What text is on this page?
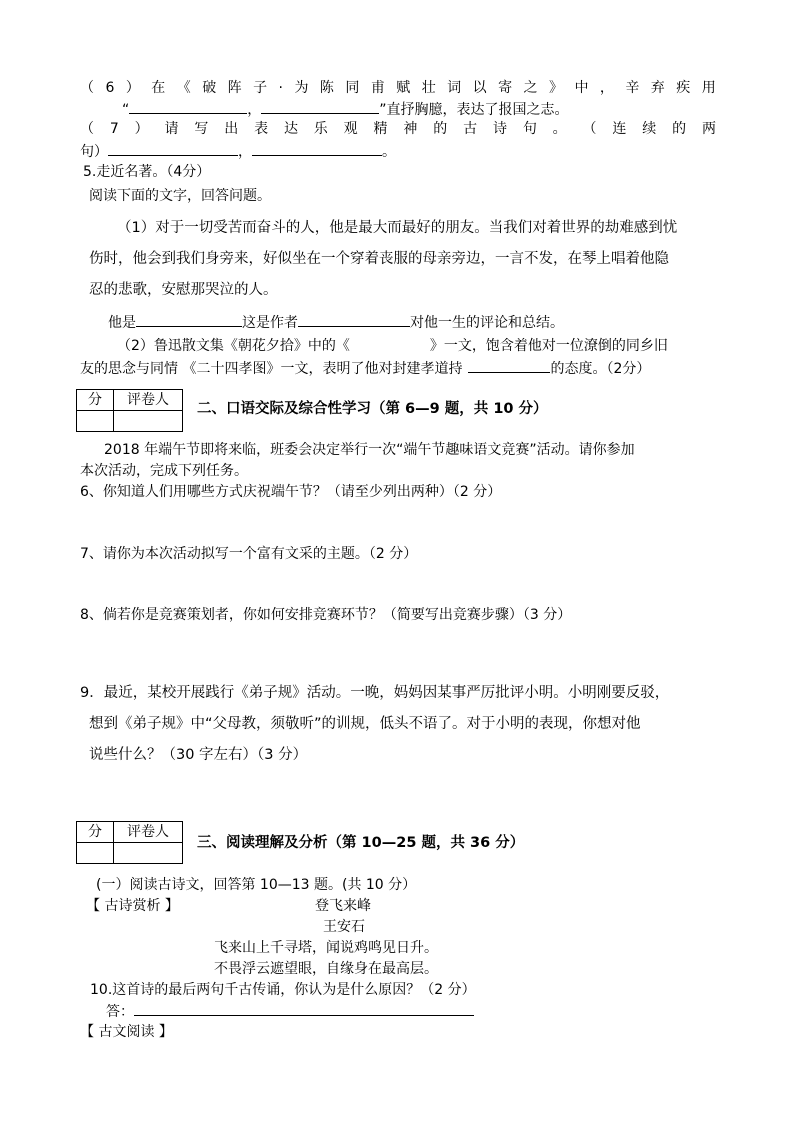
（ 6 ） 在 《 破 阵 子 · 为 陈 同 甫 赋 壮 词 以 寄 之 》 中 ， 辛 弃 疾 用
“	，	”直抒胸臆，表达了报国之志。
（ 7 ） 请 写 出 表 达 乐 观 精 神 的 古 诗 句 。 （ 连 续 的 两
句）	，	。
5.走近名著。（4分）
阅读下面的文字，回答问题。
（1）对于一切受苦而奋斗的人，他是最大而最好的朋友。当我们对着世界的劫难感到忧
伤时，他会到我们身旁来，好似坐在一个穿着丧服的母亲旁边，一言不发，在琴上唱着他隐
忍的悲歌，安慰那哭泣的人。
他是	这是作者	对他一生的评论和总结。
（2）鲁迅散文集《朝花夕拾》中的《	》一文，饱含着他对一位潦倒的同乡旧
友的思念与同情 《二十四孝图》一文，表明了他对封建孝道持	的态度。（2分）
分	评卷人

二、口语交际及综合性学习（第 6—9 题，共 10 分）
2018 年端午节即将来临，班委会决定举行一次“端午节趣味语文竞赛”活动。请你参加
本次活动，完成下列任务。
6、你知道人们用哪些方式庆祝端午节？（请至少列出两种）（2 分）
7、请你为本次活动拟写一个富有文采的主题。（2 分）
8、倘若你是竞赛策划者，你如何安排竞赛环节？（简要写出竞赛步骤）（3 分）
9．最近，某校开展践行《弟子规》活动。一晚，妈妈因某事严厉批评小明。小明刚要反驳，
想到《弟子规》中“父母教，须敬听”的训规，低头不语了。对于小明的表现，你想对他
说些什么？（30 字左右）（3 分）
分	评卷人

三、阅读理解及分析（第 10—25 题，共 36 分）
(一）阅读古诗文，回答第 10—13 题。(共 10 分）
【 古诗赏析 】	登飞来峰
王安石
飞来山上千寻塔，闻说鸡鸣见日升。
不畏浮云遮望眼，自缘身在最高层。
10.这首诗的最后两句千古传诵，你认为是什么原因？（2 分）
答：
【 古文阅读 】
